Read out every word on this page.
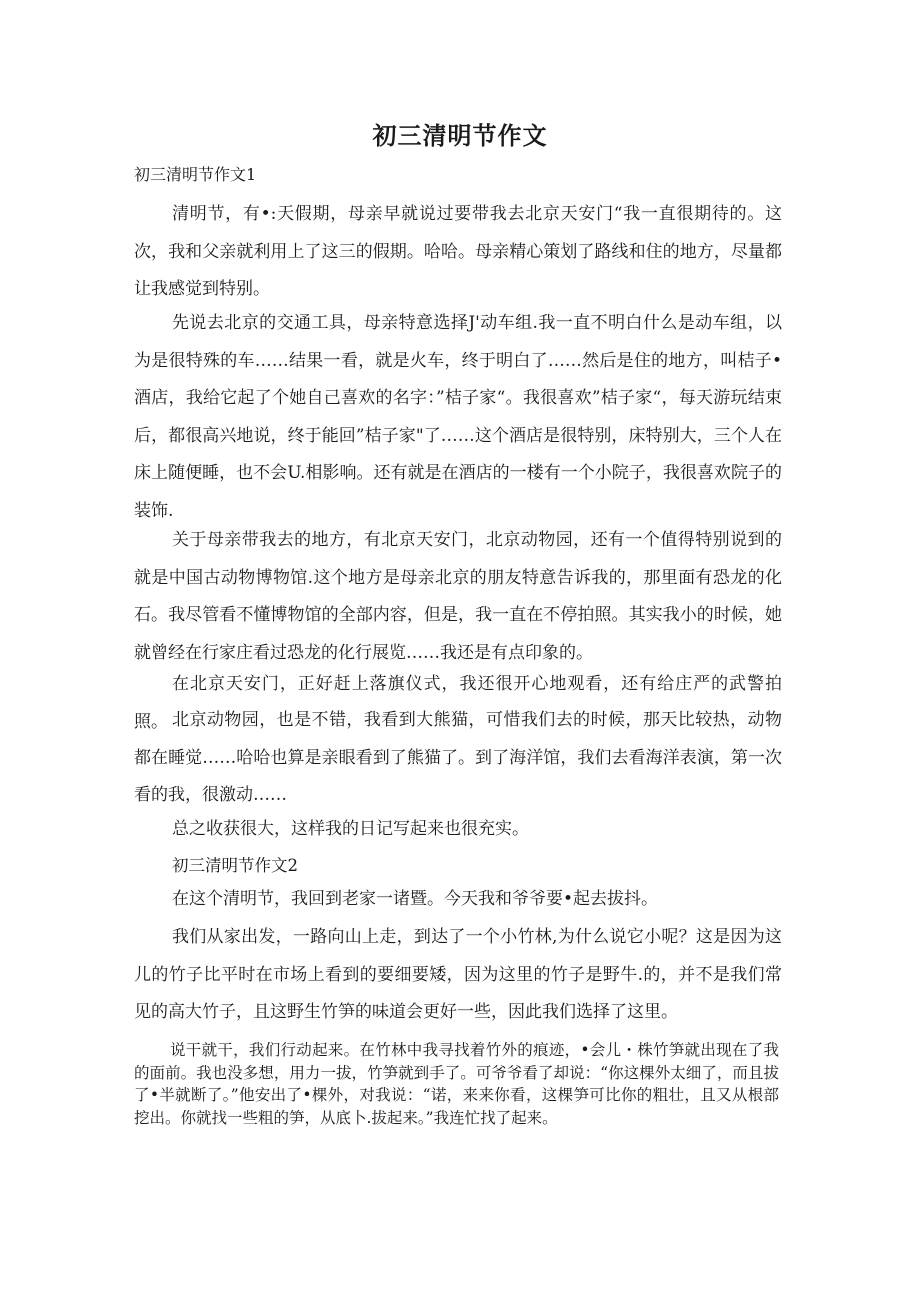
初三清明节作文
初三清明节作文1

清明节，有•:天假期，母亲早就说过要带我去北京天安门“我一直很期待的。这次，我和父亲就利用上了这三的假期。哈哈。母亲精心策划了路线和住的地方，尽量都让我感觉到特别。

先说去北京的交通工具，母亲特意选择J'动车组.我一直不明白什么是动车组，以为是很特殊的车……结果一看，就是火车，终于明白了……然后是住的地方，叫桔子•酒店，我给它起了个她自己喜欢的名字：”桔子家“。我很喜欢”桔子家“，每天游玩结束后，都很高兴地说，终于能回”桔子家"了……这个酒店是很特别，床特别大，三个人在床上随便睡，也不会U.相影响。还有就是在酒店的一楼有一个小院子，我很喜欢院子的装饰.

关于母亲带我去的地方，有北京天安门，北京动物园，还有一个值得特别说到的就是中国古动物博物馆.这个地方是母亲北京的朋友特意告诉我的，那里面有恐龙的化石。我尽管看不懂博物馆的全部内容，但是，我一直在不停拍照。其实我小的时候，她就曾经在行家庄看过恐龙的化行展览……我还是有点印象的。

在北京天安门，正好赶上落旗仪式，我还很开心地观看，还有给庄严的武警拍照。 北京动物园，也是不错，我看到大熊猫，可惜我们去的时候，那天比较热，动物都在睡觉……哈哈也算是亲眼看到了熊猫了。到了海洋馆，我们去看海洋表演，第一次看的我，很激动……

总之收获很大，这样我的日记写起来也很充实。

初三清明节作文2

在这个清明节，我回到老家一诸暨。今天我和爷爷要•起去拔抖。

我们从家出发，一路向山上走，到达了一个小竹林,为什么说它小呢？这是因为这儿的竹子比平时在市场上看到的要细要矮，因为这里的竹子是野牛.的，并不是我们常见的高大竹子，且这野生竹笋的味道会更好一些，因此我们选择了这里。

说干就干，我们行动起来。在竹林中我寻找着竹外的痕迹，•会儿・株竹笋就出现在了我的面前。我也没多想，用力一拔，竹笋就到手了。可爷爷看了却说：“你这棵外太细了，而且拔了•半就断了。”他安出了•棵外，对我说：“诺，来来你看，这棵笋可比你的粗壮，且又从根部挖出。你就找一些粗的笋，从底卜.拔起来。”我连忙找了起来。
